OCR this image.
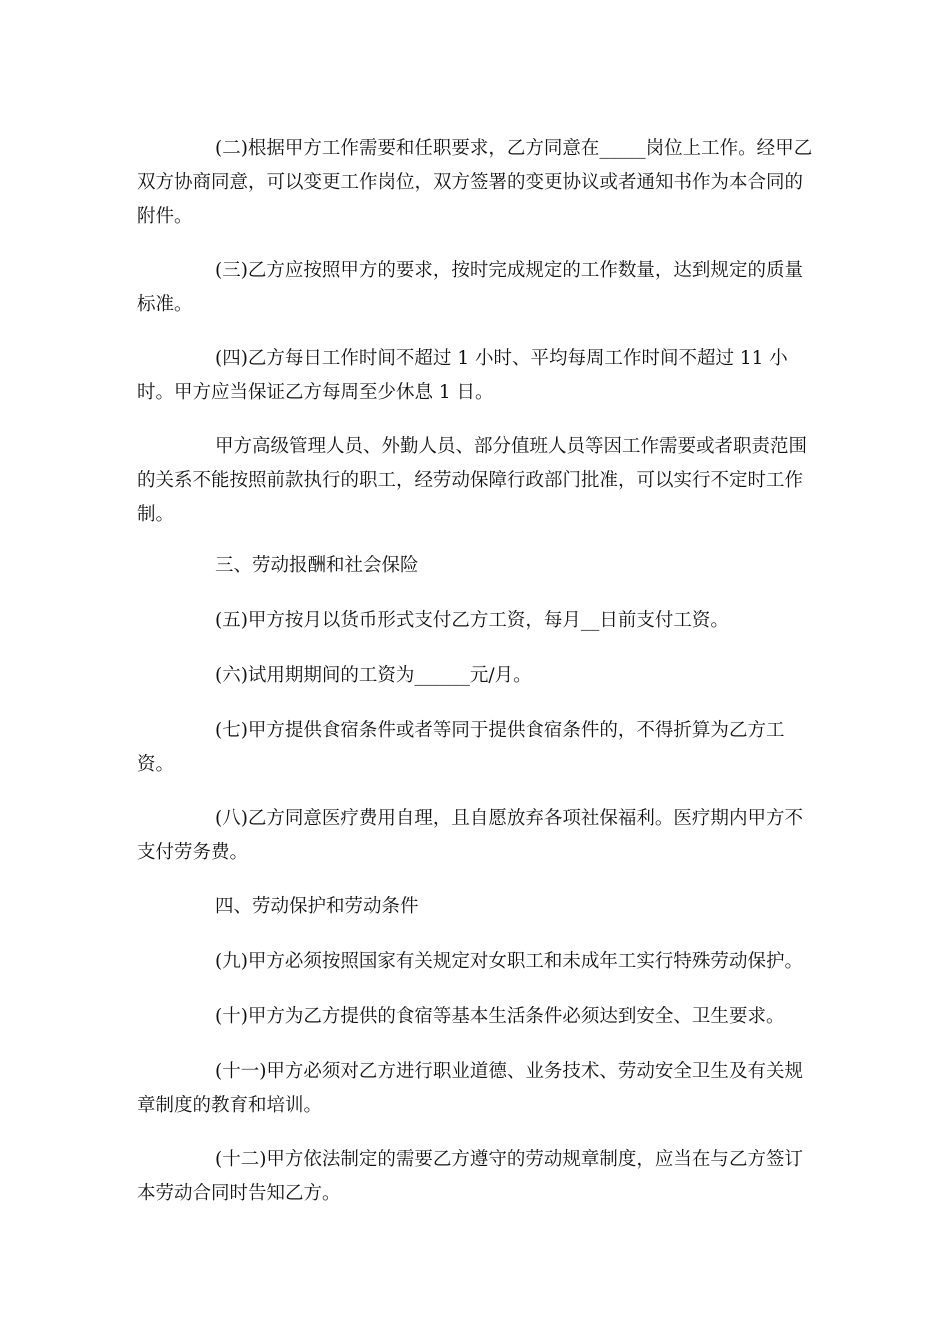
(二)根据甲方工作需要和任职要求，乙方同意在_____岗位上工作。经甲乙双方协商同意，可以变更工作岗位，双方签署的变更协议或者通知书作为本合同的附件。

(三)乙方应按照甲方的要求，按时完成规定的工作数量，达到规定的质量标准。

(四)乙方每日工作时间不超过 1 小时、平均每周工作时间不超过 11 小时。甲方应当保证乙方每周至少休息 1 日。

甲方高级管理人员、外勤人员、部分值班人员等因工作需要或者职责范围的关系不能按照前款执行的职工，经劳动保障行政部门批准，可以实行不定时工作制。

三、劳动报酬和社会保险

(五)甲方按月以货币形式支付乙方工资，每月__日前支付工资。

(六)试用期期间的工资为______元/月。

(七)甲方提供食宿条件或者等同于提供食宿条件的，不得折算为乙方工资。

(八)乙方同意医疗费用自理，且自愿放弃各项社保福利。医疗期内甲方不支付劳务费。

四、劳动保护和劳动条件

(九)甲方必须按照国家有关规定对女职工和未成年工实行特殊劳动保护。

(十)甲方为乙方提供的食宿等基本生活条件必须达到安全、卫生要求。

(十一)甲方必须对乙方进行职业道德、业务技术、劳动安全卫生及有关规章制度的教育和培训。

(十二)甲方依法制定的需要乙方遵守的劳动规章制度，应当在与乙方签订本劳动合同时告知乙方。
